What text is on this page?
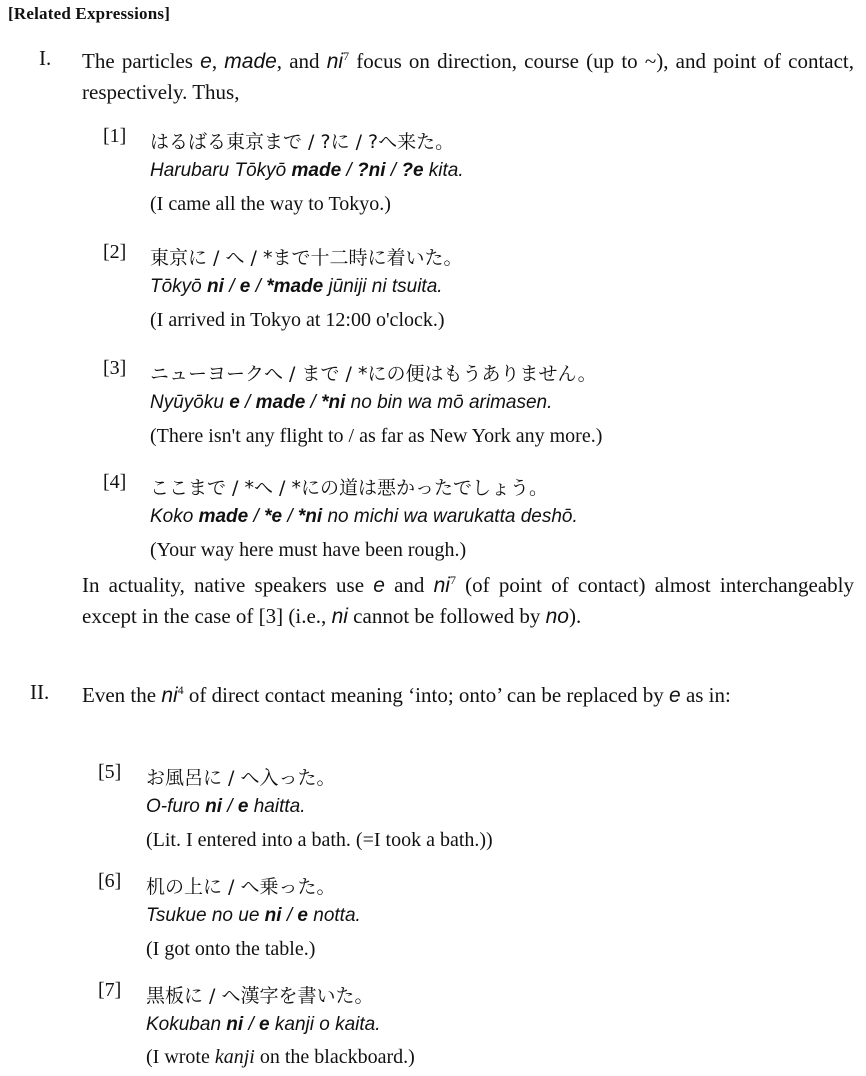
[Related Expressions]
I. The particles e, made, and $ni^7$ focus on direction, course (up to ~), and point of contact, respectively. Thus,
[1] はるばる東京まで / ?に / ?へ来た。
Harubaru Tōkyō made / ?ni / ?e kita.
(I came all the way to Tokyo.)
[2] 東京に / へ / *まで十二時に着いた。
Tōkyō ni / e / *made jūniji ni tsuita.
(I arrived in Tokyo at 12:00 o'clock.)
[3] ニューヨークへ / まで / *にの便はもうありません。
Nyūyōku e / made / *ni no bin wa mō arimasen.
(There isn't any flight to / as far as New York any more.)
[4] ここまで / *へ / *にの道は悪かったでしょう。
Koko made / *e / *ni no michi wa warukatta deshō.
(Your way here must have been rough.)
In actuality, native speakers use e and $ni^7$ (of point of contact) almost interchangeably except in the case of [3] (i.e., ni cannot be followed by no).
II. Even the $ni^4$ of direct contact meaning ‘into; onto’ can be replaced by e as in:
[5] お風呂に / へ入った。
O-furo ni / e haitta.
(Lit. I entered into a bath. (=I took a bath.))
[6] 机の上に / へ乗った。
Tsukue no ue ni / e notta.
(I got onto the table.)
[7] 黒板に / へ漢字を書いた。
Kokuban ni / e kanji o kaita.
(I wrote kanji on the blackboard.)
